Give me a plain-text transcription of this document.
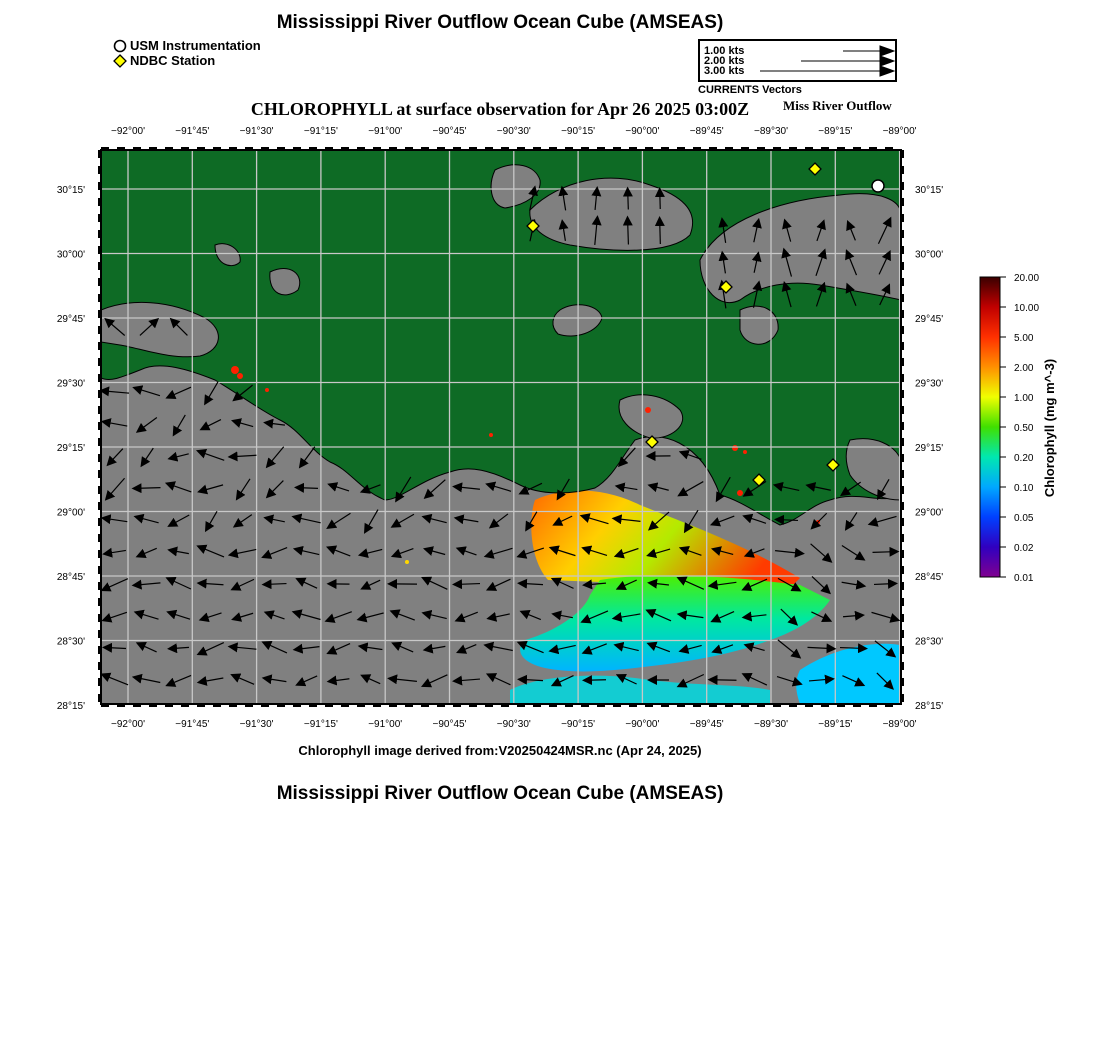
Mississippi River Outflow Ocean Cube (AMSEAS)
USM Instrumentation
NDBC Station
1.00 kts
2.00 kts
3.00 kts
CURRENTS Vectors
CHLOROPHYLL at surface observation for Apr 26 2025 03:00Z	Miss River Outflow
−92°00'	−91°45'	−91°30'	−91°15'	−91°00'	−90°45'	−90°30'	−90°15'	−90°00'	−89°45'	−89°30'	−89°15'	−89°00'
−92°00'	−91°45'	−91°30'	−91°15'	−91°00'	−90°45'	−90°30'	−90°15'	−90°00'	−89°45'	−89°30'	−89°15'	−89°00'
30°15'
30°00'
29°45'
29°30'
29°15'
29°00'
28°45'
28°30'
28°15'
30°15'
30°00'
29°45'
29°30'
29°15'
29°00'
28°45'
28°30'
28°15'
20.00
10.00
5.00
2.00
1.00
0.50
0.20
0.10
0.05
0.02
0.01
Chlorophyll (mg m^-3)
Chlorophyll image derived from:V20250424MSR.nc (Apr 24, 2025)
Mississippi River Outflow Ocean Cube (AMSEAS)
